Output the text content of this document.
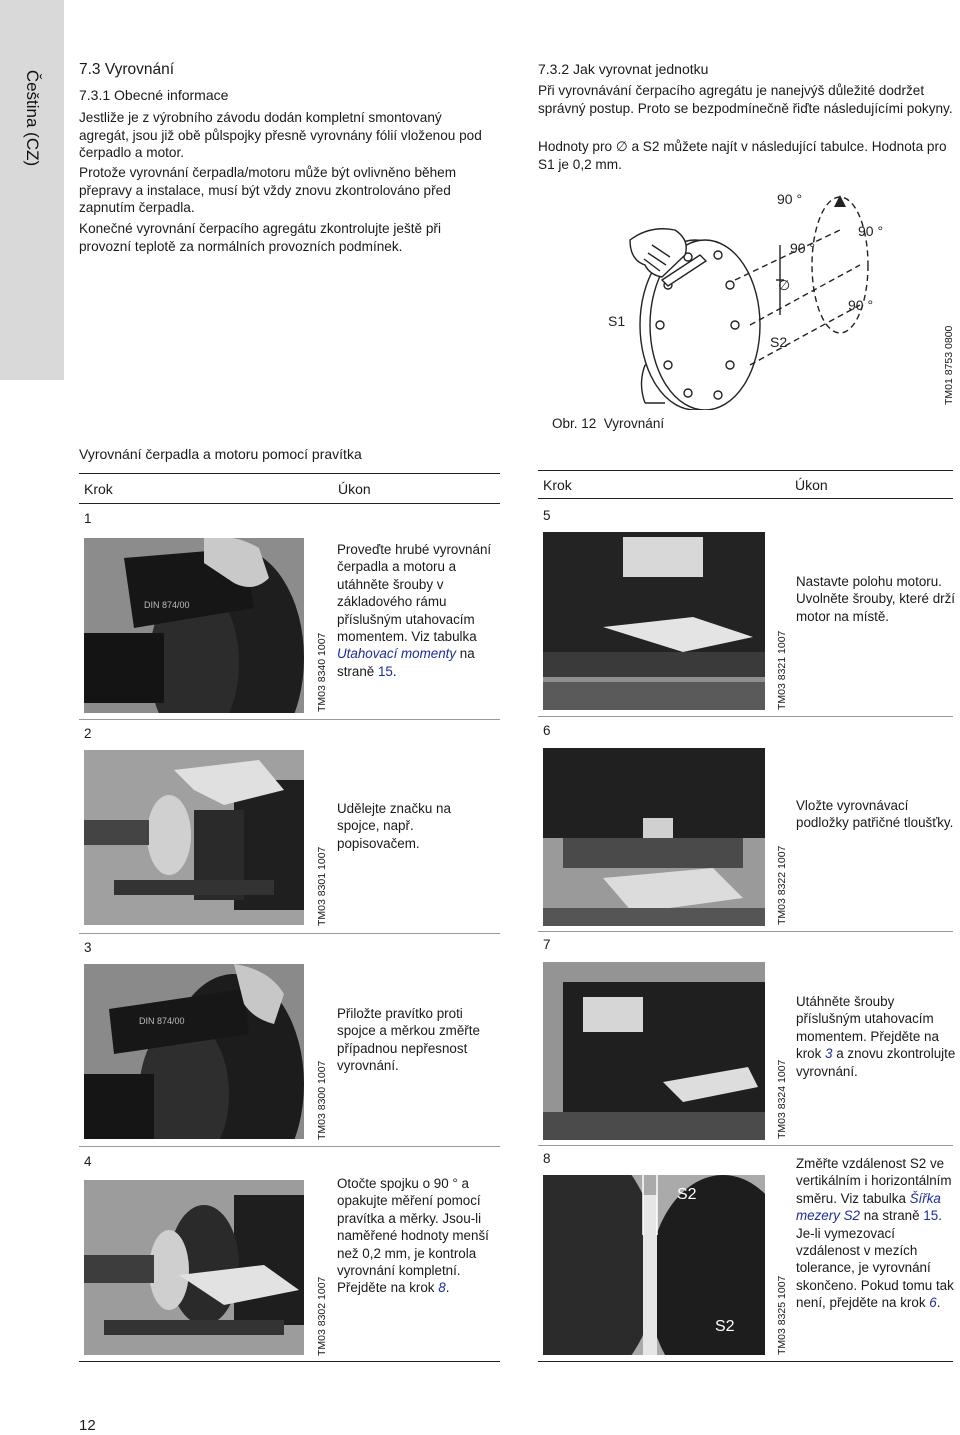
Čeština (CZ)
7.3 Vyrovnání
7.3.1 Obecné informace

Jestliže je z výrobního závodu dodán kompletní smontovaný agregát, jsou již obě půlspojky přesně vyrovnány fólií vloženou pod čerpadlo a motor.

Protože vyrovnání čerpadla/motoru může být ovlivněno během přepravy a instalace, musí být vždy znovu zkontrolováno před zapnutím čerpadla.

Konečné vyrovnání čerpacího agregátu zkontrolujte ještě při provozní teplotě za normálních provozních podmínek.

7.3.2 Jak vyrovnat jednotku

Při vyrovnávání čerpacího agregátu je nanejvýš důležité dodržet správný postup. Proto se bezpodmínečně řiďte následujícími pokyny.

Hodnoty pro ∅ a S2 můžete najít v následující tabulce. Hodnota pro S1 je 0,2 mm.

90 °
90 °
90 °
90 °
∅
S1
S2	TM01 8753 0800
Obr. 12 Vyrovnání
Vyrovnání čerpadla a motoru pomocí pravítka
Krok	Úkon	Krok	Úkon
1
DIN 874/00
TM03 8340 1007

Proveďte hrubé vyrovnání čerpadla a motoru a utáhněte šrouby v základového rámu příslušným utahovacím momentem. Viz tabulka Utahovací momenty na straně 15.

2
TM03 8301 1007

Udělejte značku na spojce, např. popisovačem.

3
DIN 874/00
TM03 8300 1007

Přiložte pravítko proti spojce a měrkou změřte případnou nepřesnost vyrovnání.

4
TM03 8302 1007

Otočte spojku o 90 ° a opakujte měření pomocí pravítka a měrky. Jsou-li naměřené hodnoty menší než 0,2 mm, je kontrola vyrovnání kompletní. Přejděte na krok 8.

5
TM03 8321 1007

Nastavte polohu motoru. Uvolněte šrouby, které drží motor na místě.

6
TM03 8322 1007

Vložte vyrovnávací podložky patřičné tloušťky.

7
TM03 8324 1007

Utáhněte šrouby příslušným utahovacím momentem. Přejděte na krok 3 a znovu zkontrolujte vyrovnání.

8
S2
S2	TM03 8325 1007

Změřte vzdálenost S2 ve vertikálním i horizontálním směru. Viz tabulka Šířka mezery S2 na straně 15. Je-li vymezovací vzdálenost v mezích tolerance, je vyrovnání skončeno. Pokud tomu tak není, přejděte na krok 6.

12
